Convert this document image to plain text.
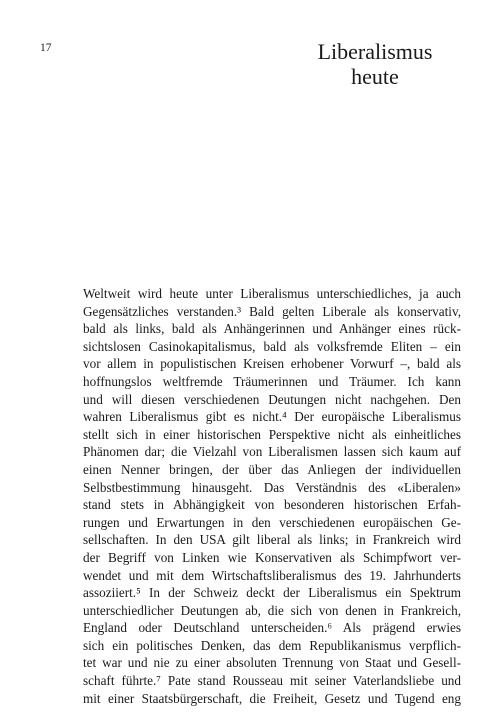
17	Liberalismus
heute
Weltweit wird heute unter Liberalismus unterschiedliches, ja auch
Gegensätzliches verstanden.³ Bald gelten Liberale als konservativ,
bald als links, bald als Anhängerinnen und Anhänger eines rück-
sichtslosen Casinokapitalismus, bald als volksfremde Eliten – ein
vor allem in populistischen Kreisen erhobener Vorwurf –, bald als
hoffnungslos weltfremde Träumerinnen und Träumer. Ich kann
und will diesen verschiedenen Deutungen nicht nachgehen. Den
wahren Liberalismus gibt es nicht.⁴ Der europäische Liberalismus
stellt sich in einer historischen Perspektive nicht als einheitliches
Phänomen dar; die Vielzahl von Liberalismen lassen sich kaum auf
einen Nenner bringen, der über das Anliegen der individuellen
Selbstbestimmung hinausgeht. Das Verständnis des «Liberalen»
stand stets in Abhängigkeit von besonderen historischen Erfah-
rungen und Erwartungen in den verschiedenen europäischen Ge-
sellschaften. In den USA gilt liberal als links; in Frankreich wird
der Begriff von Linken wie Konservativen als Schimpfwort ver-
wendet und mit dem Wirtschaftsliberalismus des 19. Jahrhunderts
assoziiert.⁵ In der Schweiz deckt der Liberalismus ein Spektrum
unterschiedlicher Deutungen ab, die sich von denen in Frankreich,
England oder Deutschland unterscheiden.⁶ Als prägend erwies
sich ein politisches Denken, das dem Republikanismus verpflich-
tet war und nie zu einer absoluten Trennung von Staat und Gesell-
schaft führte.⁷ Pate stand Rousseau mit seiner Vaterlandsliebe und
mit einer Staatsbürgerschaft, die Freiheit, Gesetz und Tugend eng
